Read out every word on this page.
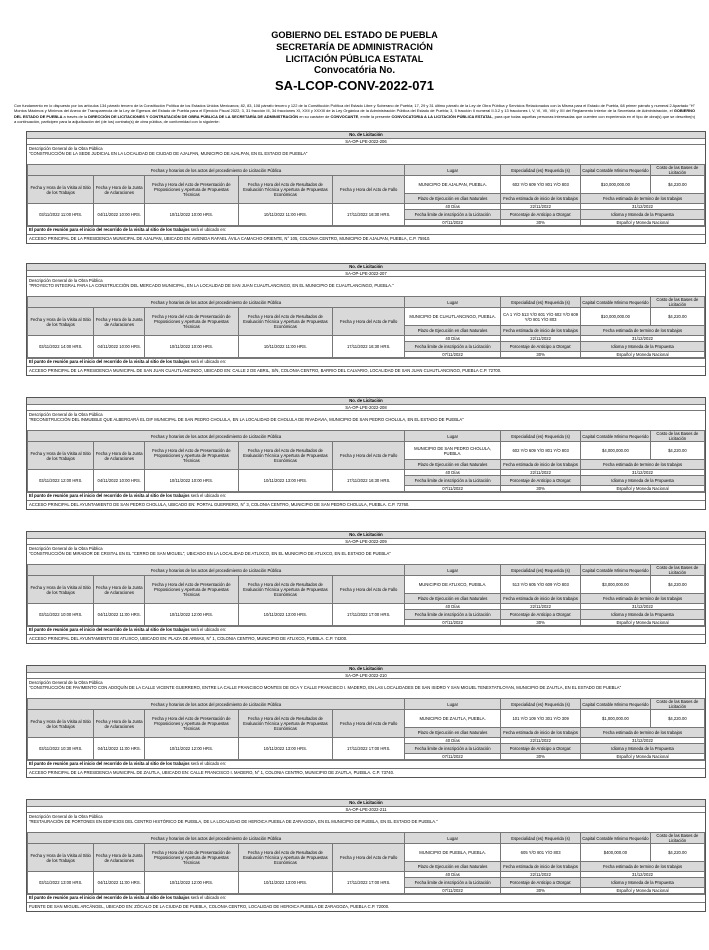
GOBIERNO DEL ESTADO DE PUEBLA
SECRETARÍA DE ADMINISTRACIÓN
LICITACIÓN PÚBLICA ESTATAL
Convocatória No.
SA-LCOP-CONV-2022-071
Con fundamento en lo dispuesto por los artículos 134 párrafo tercero de la Constitución Política de los Estados Unidos Mexicanos; 82, 83, 108 párrafo tercero y 122 de la Constitución Política del Estado Libre y Soberano de Puebla; 17, 29 y 31 último párrafo de la Ley de Obra Pública y Servicios Relacionados con la Misma para el Estado de Puebla, 68 primer párrafo y numeral 2 Apartado "H" Montos Máximos y Mínimos del Anexo de Transparencia de la Ley de Egresos del Estado de Puebla para el Ejercicio Fiscal 2022; 3, 31 fracción III, 34 fracciones XI, XXII y XXXIII de la Ley Orgánica de la Administración Pública del Estado de Puebla; 3, 5 fracción II numeral II.3.2 y 13 fracciones I, V, VI, VII, VIII y XII del Reglamento Interior de la Secretaría de Administración, el GOBIERNO DEL ESTADO DE PUEBLA a través de la DIRECCIÓN DE LICITACIONES Y CONTRATACIÓN DE OBRA PÚBLICA DE LA SECRETARÍA DE ADMINISTRACIÓN en su carácter de CONVOCANTE, emite la presente CONVOCATORIA A LA LICITACIÓN PÚBLICA ESTATAL, para que todas aquellas personas interesadas que cuenten con experiencia en el tipo de obra(s) que se describe(n) a continuación, participen para la adjudicación del (de los) contrato(s) de obra pública, de conformidad con lo siguiente:
No. de Licitación
SA-OP-LPE-2022-206
Descripción General de la Obra Pública
"CONSTRUCCIÓN DE LA SEDE JUDICIAL EN LA LOCALIDAD DE CIUDAD DE AJALPAN, MUNICIPIO DE AJALPAN, EN EL ESTADO DE PUEBLA"
Fechas y horarios de los actos del procedimiento de Licitación Pública					Lugar	Especialidad (es) Requerida (s)	Capital Contable Mínimo Requerido	Costo de las Bases de Licitación
Fecha y Hora de la Visita al Sitio de los Trabajos	Fecha y Hora de la Junta de Aclaraciones	Fecha y Hora del Acto de Presentación de Proposiciones y Apertura de Propuestas Técnicas	Fecha y Hora del Acto de Resultados de Evaluación Técnica y Apertura de Propuestas Económicas	Fecha y Hora del Acto de Fallo	MUNICIPIO DE AJALPAN, PUEBLA.	602 Y/O 609 Y/O 801 Y/O 803	$10,000,000.00	$4,220.00
					Plazo de Ejecución en días Naturales	Fecha estimada de inicio de los trabajos	Fecha estimada de termino de los trabajos	
03/11/2022 11:00 HRS.	04/11/2022 10:00 HRS.	10/11/2022 10:00 HRS.	10/11/2022 11:00 HRS.	17/11/2022 16:30 HRS.	40 Días	22/11/2022	31/12/2022	
					Fecha limite de inscripción a la Licitación	Porcentaje de Anticipo a Otorgar:	Idioma y Moneda de la Propuesta	
					07/11/2022	30%	Español y Moneda Nacional	
El punto de reunión para el inicio del recorrido de la visita al sitio de los trabajos será el ubicado en:
ACCESO PRINCIPAL DE LA PRESIDENCIA MUNICIPAL DE AJALPAN, UBICADO EN: AVENIDA RAFAEL ÁVILA CAMACHO ORIENTE, N° 105, COLONIA CENTRO, MUNICIPIO DE AJALPAN, PUEBLA, C.P. 75910.
No. de Licitación
SA-OP-LPE-2022-207
Descripción General de la Obra Pública
"PROYECTO INTEGRAL PARA LA CONSTRUCCIÓN DEL MERCADO MUNICIPAL, EN LA LOCALIDAD DE SAN JUAN CUAUTLANCINGO, EN EL MUNICIPIO DE CUAUTLANCINGO, PUEBLA."
Fechas y horarios de los actos del procedimiento de Licitación Pública					Lugar	Especialidad (es) Requerida (s)	Capital Contable Mínimo Requerido	Costo de las Bases de Licitación
Fecha y Hora de la Visita al Sitio de los Trabajos	Fecha y Hora de la Junta de Aclaraciones	Fecha y Hora del Acto de Presentación de Proposiciones y Apertura de Propuestas Técnicas	Fecha y Hora del Acto de Resultados de Evaluación Técnica y Apertura de Propuestas Económicas	Fecha y Hora del Acto de Fallo	MUNICIPIO DE CUAUTLANCINGO, PUEBLA.	CA 1 Y/O 513 Y/O 601 Y/O 602 Y/O 609 Y/O 801 Y/O 803	$10,000,000.00	$4,220.00
					Plazo de Ejecución en días Naturales	Fecha estimada de inicio de los trabajos	Fecha estimada de termino de los trabajos	
03/11/2022 14:00 HRS.	04/11/2022 10:00 HRS.	10/11/2022 10:00 HRS.	10/11/2022 11:00 HRS.	17/11/2022 16:30 HRS.	40 Días	22/11/2022	31/12/2022	
					Fecha limite de inscripción a la Licitación	Porcentaje de Anticipo a Otorgar:	Idioma y Moneda de la Propuesta	
					07/11/2022	30%	Español y Moneda Nacional	
El punto de reunión para el inicio del recorrido de la visita al sitio de los trabajos será el ubicado en:
ACCESO PRINCIPAL DE LA PRESIDENCIA MUNICIPAL DE SAN JUAN CUAUTLANCINGO, UBICADO EN: CALLE 2 DE ABRIL, S/N, COLONIA CENTRO, BARRIO DEL CALVARIO, LOCALIDAD DE SAN JUAN CUAUTLANCINGO, PUEBLA C.P. 72700.
No. de Licitación
SA-OP-LPE-2022-208
Descripción General de la Obra Pública
"RECONSTRUCCIÓN DEL INMUEBLE QUE ALBERGARÁ EL DIF MUNICIPAL DE SAN PEDRO CHOLULA, EN LA LOCALIDAD DE CHOLULA DE RIVADAVIA, MUNICIPIO DE SAN PEDRO CHOLULA, EN EL ESTADO DE PUEBLA"
Fechas y horarios de los actos del procedimiento de Licitación Pública					Lugar	Especialidad (es) Requerida (s)	Capital Contable Mínimo Requerido	Costo de las Bases de Licitación
Fecha y Hora de la Visita al Sitio de los Trabajos	Fecha y Hora de la Junta de Aclaraciones	Fecha y Hora del Acto de Presentación de Proposiciones y Apertura de Propuestas Técnicas	Fecha y Hora del Acto de Resultados de Evaluación Técnica y Apertura de Propuestas Económicas	Fecha y Hora del Acto de Fallo	MUNICIPIO DE SAN PEDRO CHOLULA, PUEBLA.	602 Y/O 609 Y/O 801 Y/O 803	$4,000,000.00	$4,220.00
					Plazo de Ejecución en días Naturales	Fecha estimada de inicio de los trabajos	Fecha estimada de termino de los trabajos	
03/11/2022 12:00 HRS.	04/11/2022 10:00 HRS.	10/11/2022 10:00 HRS.	10/11/2022 13:00 HRS.	17/11/2022 16:30 HRS.	40 Días	22/11/2022	31/12/2022	
					Fecha limite de inscripción a la Licitación	Porcentaje de Anticipo a Otorgar:	Idioma y Moneda de la Propuesta	
					07/11/2022	30%	Español y Moneda Nacional	
El punto de reunión para el inicio del recorrido de la visita al sitio de los trabajos será el ubicado en:
ACCESO PRINCIPAL DEL AYUNTAMIENTO DE SAN PEDRO CHOLULA, UBICADO EN: PORTAL GUERRERO, N° 3, COLONIA CENTRO, MUNICIPIO DE SAN PEDRO CHOLULA, PUEBLA. C.P. 72760.
No. de Licitación
SA-OP-LPE-2022-209
Descripción General de la Obra Pública
"CONSTRUCCIÓN DE MIRADOR DE CRISTAL EN EL "CERRO DE SAN MIGUEL", UBICADO EN LA LOCALIDAD DE ATLIXCO, EN EL MUNICIPIO DE ATLIXCO, EN EL ESTADO DE PUEBLA"
Fechas y horarios de los actos del procedimiento de Licitación Pública					Lugar	Especialidad (es) Requerida (s)	Capital Contable Mínimo Requerido	Costo de las Bases de Licitación
Fecha y Hora de la Visita al Sitio de los Trabajos	Fecha y Hora de la Junta de Aclaraciones	Fecha y Hora del Acto de Presentación de Proposiciones y Apertura de Propuestas Técnicas	Fecha y Hora del Acto de Resultados de Evaluación Técnica y Apertura de Propuestas Económicas	Fecha y Hora del Acto de Fallo	MUNICIPIO DE ATLIXCO, PUEBLA.	513 Y/O 605 Y/O 609 Y/O 803	$3,000,000.00	$4,220.00
					Plazo de Ejecución en días Naturales	Fecha estimada de inicio de los trabajos	Fecha estimada de termino de los trabajos	
03/11/2022 10:00 HRS.	04/11/2022 11:00 HRS.	10/11/2022 12:00 HRS.	10/11/2022 13:00 HRS.	17/11/2022 17:00 HRS.	40 Días	22/11/2022	31/12/2022	
					Fecha limite de inscripción a la Licitación	Porcentaje de Anticipo a Otorgar:	Idioma y Moneda de la Propuesta	
					07/11/2022	30%	Español y Moneda Nacional	
El punto de reunión para el inicio del recorrido de la visita al sitio de los trabajos será el ubicado en:
ACCESO PRINCIPAL DEL AYUNTAMIENTO DE ATLIXCO, UBICADO EN: PLAZA DE ARMAS, N° 1, COLONIA CENTRO, MUNICIPIO DE ATLIXCO, PUEBLA. C.P. 74200.
No. de Licitación
SA-OP-LPE-2022-210
Descripción General de la Obra Pública
"CONSTRUCCIÓN DE PAVIMENTO CON ADOQUÍN DE LA CALLE VICENTE GUERRERO, ENTRE LA CALLE FRANCISCO MONTES DE OCA Y CALLE FRANCISCO I. MADERO, EN LAS LOCALIDADES DE SAN ISIDRO Y SAN MIGUEL TENEXTATILOYAN, MUNICIPIO DE ZAUTLA, EN EL ESTADO DE PUEBLA"
Fechas y horarios de los actos del procedimiento de Licitación Pública					Lugar	Especialidad (es) Requerida (s)	Capital Contable Mínimo Requerido	Costo de las Bases de Licitación
Fecha y Hora de la Visita al Sitio de los Trabajos	Fecha y Hora de la Junta de Aclaraciones	Fecha y Hora del Acto de Presentación de Proposiciones y Apertura de Propuestas Técnicas	Fecha y Hora del Acto de Resultados de Evaluación Técnica y Apertura de Propuestas Económicas	Fecha y Hora del Acto de Fallo	MUNICIPIO DE ZAUTLA, PUEBLA.	101 Y/O 109 Y/O 301 Y/O 309	$1,000,000.00	$4,220.00
					Plazo de Ejecución en días Naturales	Fecha estimada de inicio de los trabajos	Fecha estimada de termino de los trabajos	
03/11/2022 10:30 HRS.	04/11/2022 11:00 HRS.	10/11/2022 12:00 HRS.	10/11/2022 13:00 HRS.	17/11/2022 17:00 HRS.	40 Días	22/11/2022	31/12/2022	
					Fecha limite de inscripción a la Licitación	Porcentaje de Anticipo a Otorgar:	Idioma y Moneda de la Propuesta	
					07/11/2022	30%	Español y Moneda Nacional	
El punto de reunión para el inicio del recorrido de la visita al sitio de los trabajos será el ubicado en:
ACCESO PRINCIPAL DE LA PRESIDENCIA MUNICIPAL DE ZAUTLA, UBICADO EN: CALLE FRANCISCO I. MADERO, N° 1, COLONIA CENTRO, MUNICIPIO DE ZAUTLA, PUEBLA. C.P. 73740.
No. de Licitación
SA-OP-LPE-2022-211
Descripción General de la Obra Pública
"RESTAURACIÓN DE PORTONES EN EDIFICIOS DEL CENTRO HISTÓRICO DE PUEBLA, DE LA LOCALIDAD DE HEROICA PUEBLA DE ZARAGOZA, EN EL MUNICIPIO DE PUEBLA, EN EL ESTADO DE PUEBLA."
Fechas y horarios de los actos del procedimiento de Licitación Pública					Lugar	Especialidad (es) Requerida (s)	Capital Contable Mínimo Requerido	Costo de las Bases de Licitación
Fecha y Hora de la Visita al Sitio de los Trabajos	Fecha y Hora de la Junta de Aclaraciones	Fecha y Hora del Acto de Presentación de Proposiciones y Apertura de Propuestas Técnicas	Fecha y Hora del Acto de Resultados de Evaluación Técnica y Apertura de Propuestas Económicas	Fecha y Hora del Acto de Fallo	MUNICIPIO DE PUEBLA, PUEBLA.	605 Y/O 801 Y/O 803	$400,000.00	$4,220.00
					Plazo de Ejecución en días Naturales	Fecha estimada de inicio de los trabajos	Fecha estimada de termino de los trabajos	
03/11/2022 13:00 HRS.	04/11/2022 11:00 HRS.	10/11/2022 12:00 HRS.	10/11/2022 13:00 HRS.	17/11/2022 17:00 HRS.	40 Días	22/11/2022	31/12/2022	
					Fecha limite de inscripción a la Licitación	Porcentaje de Anticipo a Otorgar:	Idioma y Moneda de la Propuesta	
					07/11/2022	30%	Español y Moneda Nacional	
El punto de reunión para el inicio del recorrido de la visita al sitio de los trabajos será el ubicado en:
FUENTE DE SAN MIGUEL ARCÁNGEL, UBICADO EN: ZÓCALO DE LA CIUDAD DE PUEBLA, COLONIA CENTRO, LOCALIDAD DE HEROICA PUEBLA DE ZARAGOZA, PUEBLA C.P. 72000.
